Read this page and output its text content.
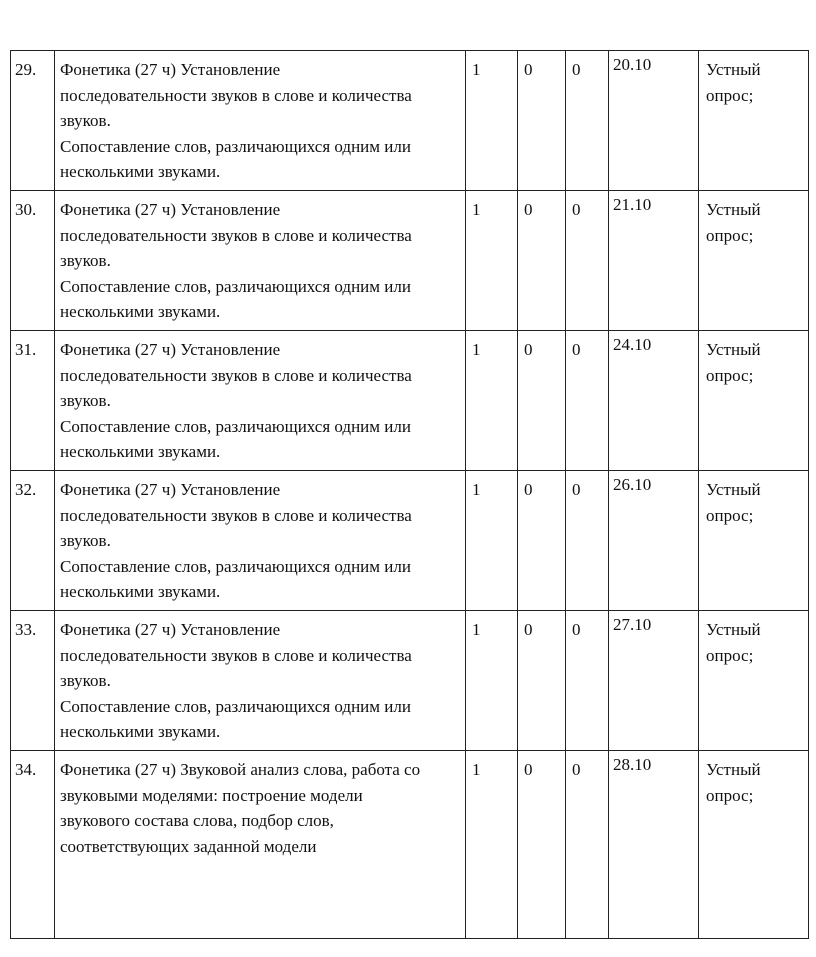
29.	Фонетика (27 ч) Установление
последовательности звуков в слове и количества
звуков.
Сопоставление слов, различающихся одним или
несколькими звуками.	1	0	0	20.10	Устный
опрос;

30.	Фонетика (27 ч) Установление
последовательности звуков в слове и количества
звуков.
Сопоставление слов, различающихся одним или
несколькими звуками.	1	0	0	21.10	Устный
опрос;

31.	Фонетика (27 ч) Установление
последовательности звуков в слове и количества
звуков.
Сопоставление слов, различающихся одним или
несколькими звуками.	1	0	0	24.10	Устный
опрос;

32.	Фонетика (27 ч) Установление
последовательности звуков в слове и количества
звуков.
Сопоставление слов, различающихся одним или
несколькими звуками.	1	0	0	26.10	Устный
опрос;

33.	Фонетика (27 ч) Установление
последовательности звуков в слове и количества
звуков.
Сопоставление слов, различающихся одним или
несколькими звуками.	1	0	0	27.10	Устный
опрос;

34.	Фонетика (27 ч) Звуковой анализ слова, работа со
звуковыми моделями: построение модели
звукового состава слова, подбор слов,
соответствующих заданной модели	1	0	0	28.10	Устный
опрос;
